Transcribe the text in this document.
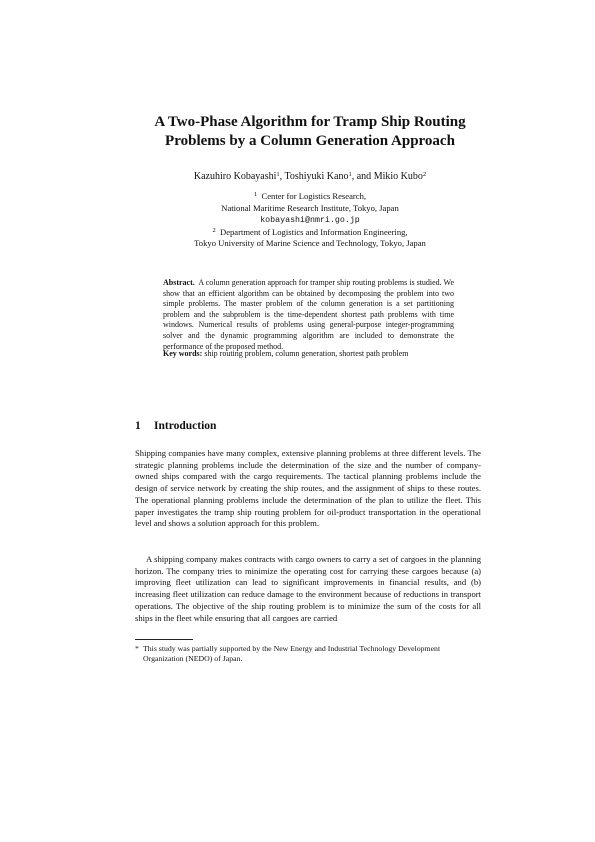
A Two-Phase Algorithm for Tramp Ship Routing
Problems by a Column Generation Approach

Kazuhiro Kobayashi$^1$, Toshiyuki Kano$^1$, and Mikio Kubo$^2$

$^1$ Center for Logistics Research,
National Maritime Research Institute, Tokyo, Japan
kobayashi@nmri.go.jp
$^2$ Department of Logistics and Information Engineering,
Tokyo University of Marine Science and Technology, Tokyo, Japan

Abstract. A column generation approach for tramper ship routing problems is studied. We show that an efficient algorithm can be obtained by decomposing the problem into two simple problems. The master problem of the column generation is a set partitioning problem and the subproblem is the time-dependent shortest path problems with time windows. Numerical results of problems using general-purpose integer-programming solver and the dynamic programming algorithm are included to demonstrate the performance of the proposed method.

Key words: ship routing problem, column generation, shortest path problem

1 Introduction

Shipping companies have many complex, extensive planning problems at three different levels. The strategic planning problems include the determination of the size and the number of company-owned ships compared with the cargo requirements. The tactical planning problems include the design of service network by creating the ship routes, and the assignment of ships to these routes. The operational planning problems include the determination of the plan to utilize the fleet. This paper investigates the tramp ship routing problem for oil-product transportation in the operational level and shows a solution approach for this problem.

A shipping company makes contracts with cargo owners to carry a set of cargoes in the planning horizon. The company tries to minimize the operating cost for carrying these cargoes because (a) improving fleet utilization can lead to significant improvements in financial results, and (b) increasing fleet utilization can reduce damage to the environment because of reductions in transport operations. The objective of the ship routing problem is to minimize the sum of the costs for all ships in the fleet while ensuring that all cargoes are carried

* This study was partially supported by the New Energy and Industrial Technology Development Organization (NEDO) of Japan.
